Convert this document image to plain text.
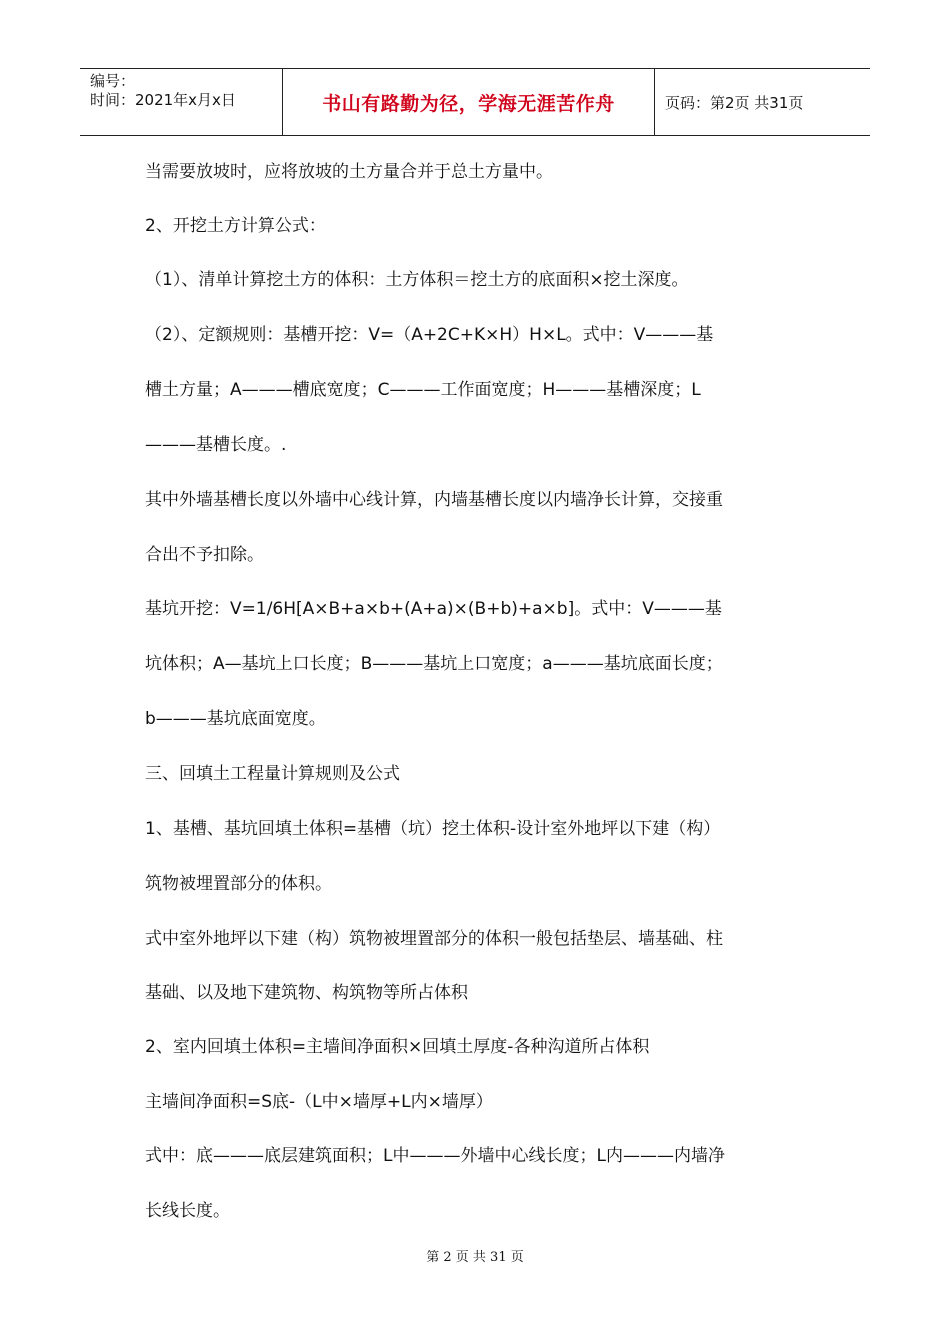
编号：
时间：2021年x月x日	书山有路勤为径，学海无涯苦作舟	页码：第2页 共31页
当需要放坡时，应将放坡的土方量合并于总土方量中。
2、开挖土方计算公式：
（1）、清单计算挖土方的体积：土方体积＝挖土方的底面积×挖土深度。
（2）、定额规则：基槽开挖：V=（A+2C+K×H）H×L。式中：V———基
槽土方量；A———槽底宽度；C———工作面宽度；H———基槽深度；L
———基槽长度。.
其中外墙基槽长度以外墙中心线计算，内墙基槽长度以内墙净长计算，交接重
合出不予扣除。
基坑开挖：V=1/6H[A×B+a×b+(A+a)×(B+b)+a×b]。式中：V———基
坑体积；A—基坑上口长度；B———基坑上口宽度；a———基坑底面长度；
b———基坑底面宽度。
三、回填土工程量计算规则及公式
1、基槽、基坑回填土体积=基槽（坑）挖土体积-设计室外地坪以下建（构）
筑物被埋置部分的体积。
式中室外地坪以下建（构）筑物被埋置部分的体积一般包括垫层、墙基础、柱
基础、以及地下建筑物、构筑物等所占体积
2、室内回填土体积=主墙间净面积×回填土厚度-各种沟道所占体积
主墙间净面积=S底-（L中×墙厚+L内×墙厚）
式中：底———底层建筑面积；L中———外墙中心线长度；L内———内墙净
长线长度。
第 2 页 共 31 页
